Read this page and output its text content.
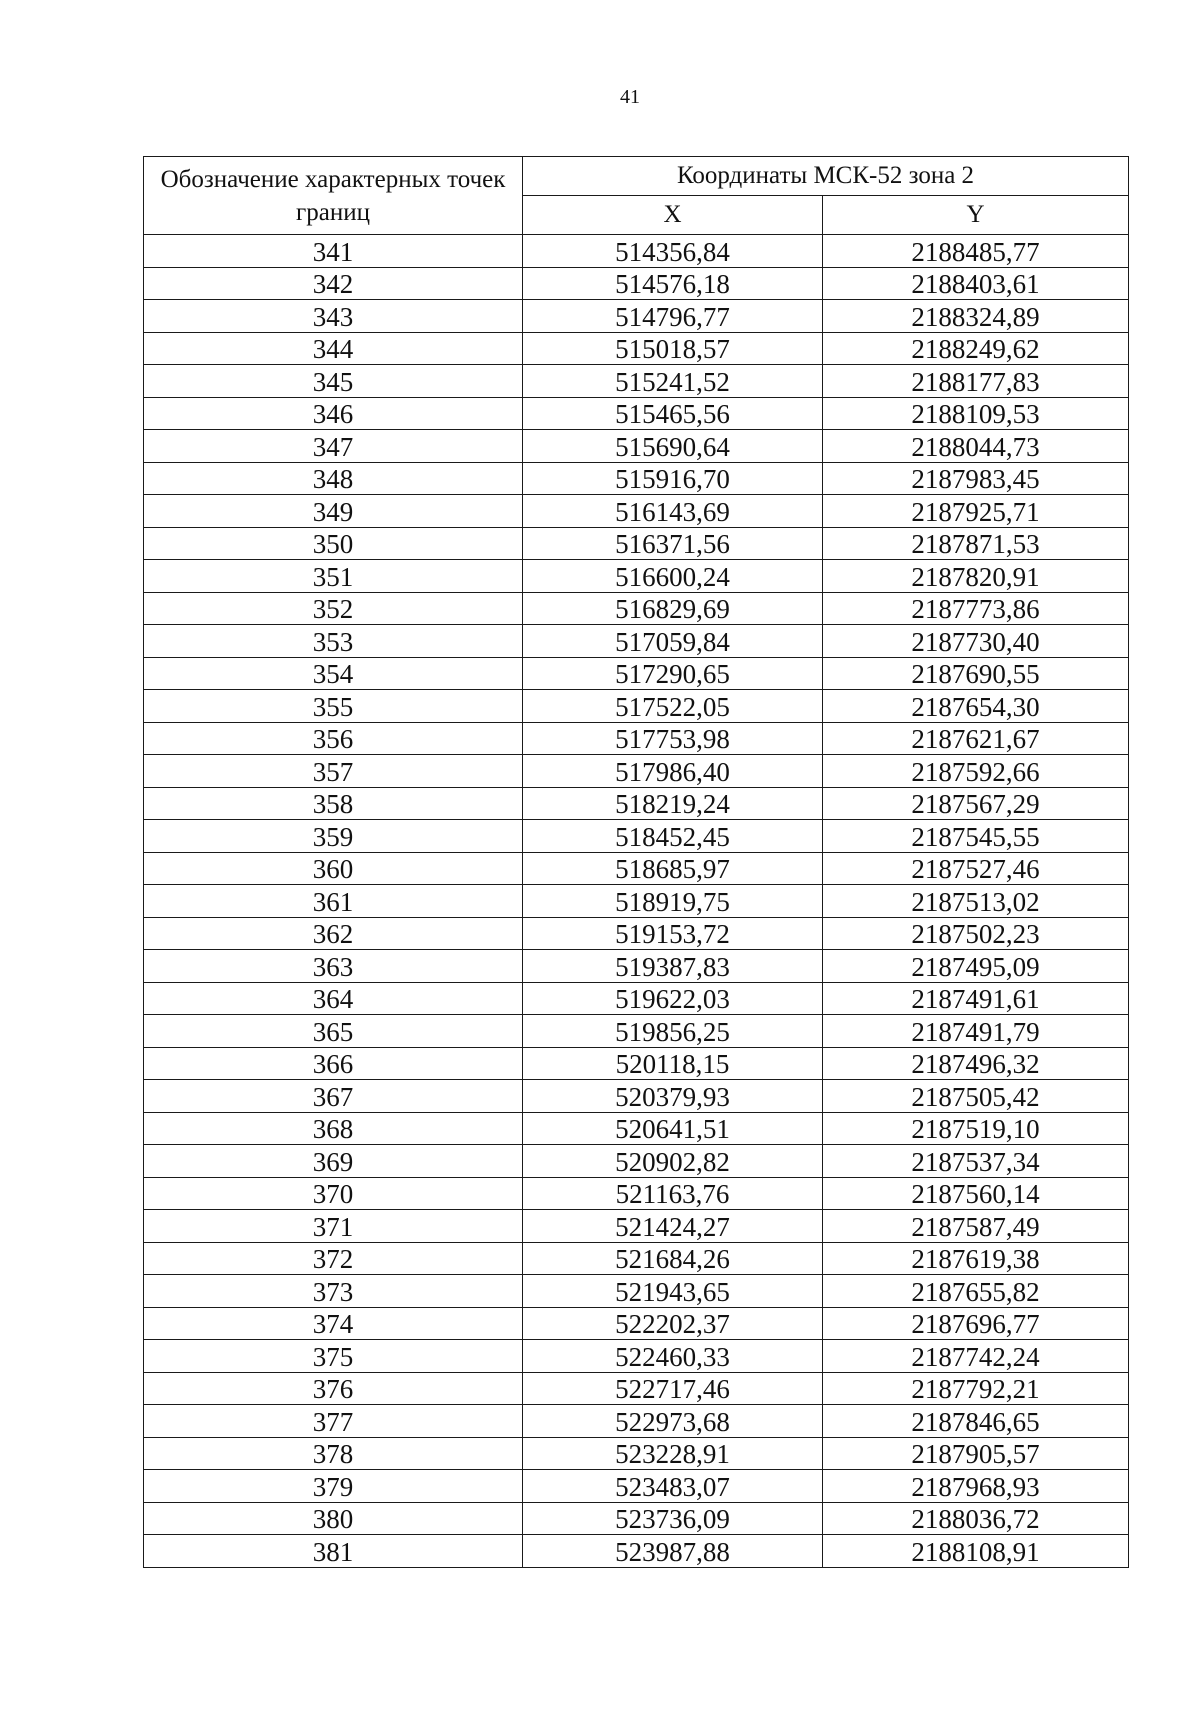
41
Обозначение характерных точек границ	Координаты МСК-52 зона 2	
	X	Y
341	514356,84	2188485,77
342	514576,18	2188403,61
343	514796,77	2188324,89
344	515018,57	2188249,62
345	515241,52	2188177,83
346	515465,56	2188109,53
347	515690,64	2188044,73
348	515916,70	2187983,45
349	516143,69	2187925,71
350	516371,56	2187871,53
351	516600,24	2187820,91
352	516829,69	2187773,86
353	517059,84	2187730,40
354	517290,65	2187690,55
355	517522,05	2187654,30
356	517753,98	2187621,67
357	517986,40	2187592,66
358	518219,24	2187567,29
359	518452,45	2187545,55
360	518685,97	2187527,46
361	518919,75	2187513,02
362	519153,72	2187502,23
363	519387,83	2187495,09
364	519622,03	2187491,61
365	519856,25	2187491,79
366	520118,15	2187496,32
367	520379,93	2187505,42
368	520641,51	2187519,10
369	520902,82	2187537,34
370	521163,76	2187560,14
371	521424,27	2187587,49
372	521684,26	2187619,38
373	521943,65	2187655,82
374	522202,37	2187696,77
375	522460,33	2187742,24
376	522717,46	2187792,21
377	522973,68	2187846,65
378	523228,91	2187905,57
379	523483,07	2187968,93
380	523736,09	2188036,72
381	523987,88	2188108,91
